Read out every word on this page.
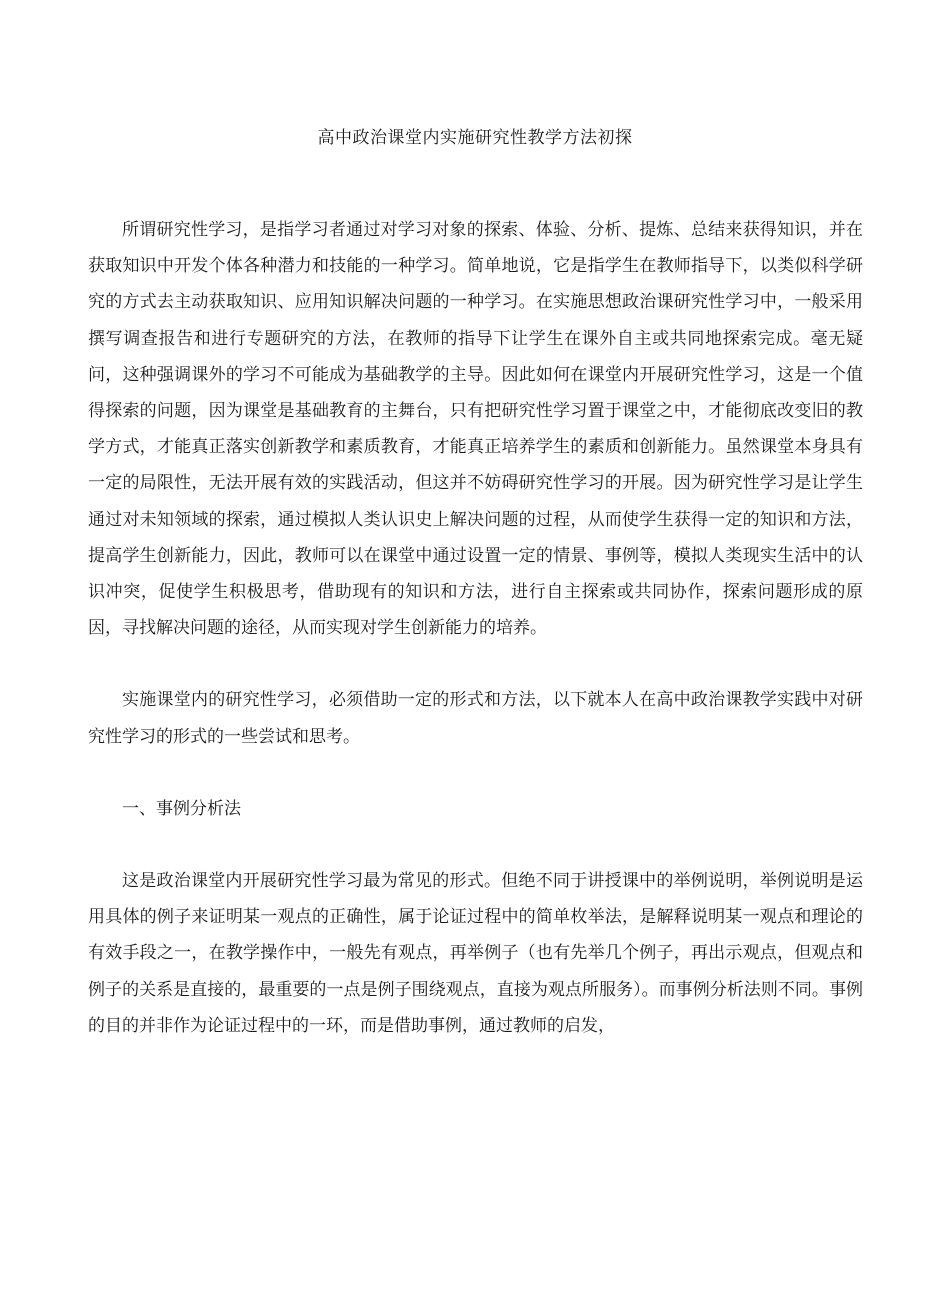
高中政治课堂内实施研究性教学方法初探

所谓研究性学习，是指学习者通过对学习对象的探索、体验、分析、提炼、总结来获得知识，并在获取知识中开发个体各种潜力和技能的一种学习。简单地说，它是指学生在教师指导下，以类似科学研究的方式去主动获取知识、应用知识解决问题的一种学习。在实施思想政治课研究性学习中，一般采用撰写调查报告和进行专题研究的方法，在教师的指导下让学生在课外自主或共同地探索完成。毫无疑问，这种强调课外的学习不可能成为基础教学的主导。因此如何在课堂内开展研究性学习，这是一个值得探索的问题，因为课堂是基础教育的主舞台，只有把研究性学习置于课堂之中，才能彻底改变旧的教学方式，才能真正落实创新教学和素质教育，才能真正培养学生的素质和创新能力。虽然课堂本身具有一定的局限性，无法开展有效的实践活动，但这并不妨碍研究性学习的开展。因为研究性学习是让学生通过对未知领域的探索，通过模拟人类认识史上解决问题的过程，从而使学生获得一定的知识和方法，提高学生创新能力，因此，教师可以在课堂中通过设置一定的情景、事例等，模拟人类现实生活中的认识冲突，促使学生积极思考，借助现有的知识和方法，进行自主探索或共同协作，探索问题形成的原因，寻找解决问题的途径，从而实现对学生创新能力的培养。

实施课堂内的研究性学习，必须借助一定的形式和方法，以下就本人在高中政治课教学实践中对研究性学习的形式的一些尝试和思考。

一、事例分析法

这是政治课堂内开展研究性学习最为常见的形式。但绝不同于讲授课中的举例说明，举例说明是运用具体的例子来证明某一观点的正确性，属于论证过程中的简单枚举法，是解释说明某一观点和理论的有效手段之一，在教学操作中，一般先有观点，再举例子（也有先举几个例子，再出示观点，但观点和例子的关系是直接的，最重要的一点是例子围绕观点，直接为观点所服务）。而事例分析法则不同。事例的目的并非作为论证过程中的一环，而是借助事例，通过教师的启发，
